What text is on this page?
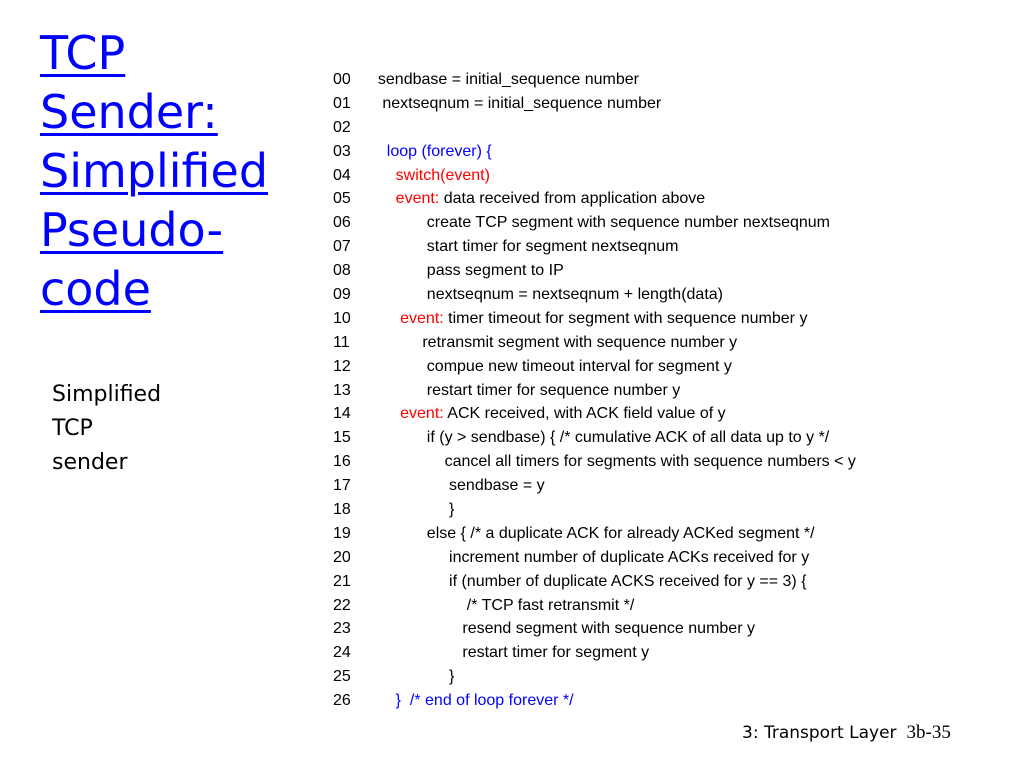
TCP
Sender:
Simplified
Pseudo-
code
Simplified
TCP
sender
00	sendbase = initial_sequence number
01	nextseqnum = initial_sequence number
02
03	loop (forever) {
04	switch(event)
05	event: data received from application above
06	create TCP segment with sequence number nextseqnum
07	start timer for segment nextseqnum
08	pass segment to IP
09	nextseqnum = nextseqnum + length(data)
10	event: timer timeout for segment with sequence number y
11	retransmit segment with sequence number y
12	compue new timeout interval for segment y
13	restart timer for sequence number y
14	event: ACK received, with ACK field value of y
15	if (y > sendbase) { /* cumulative ACK of all data up to y */
16	cancel all timers for segments with sequence numbers < y
17	sendbase = y
18	}
19	else { /* a duplicate ACK for already ACKed segment */
20	increment number of duplicate ACKs received for y
21	if (number of duplicate ACKS received for y == 3) {
22	/* TCP fast retransmit */
23	resend segment with sequence number y
24	restart timer for segment y
25	}
26	}  /* end of loop forever */
3: Transport Layer 3b-35
